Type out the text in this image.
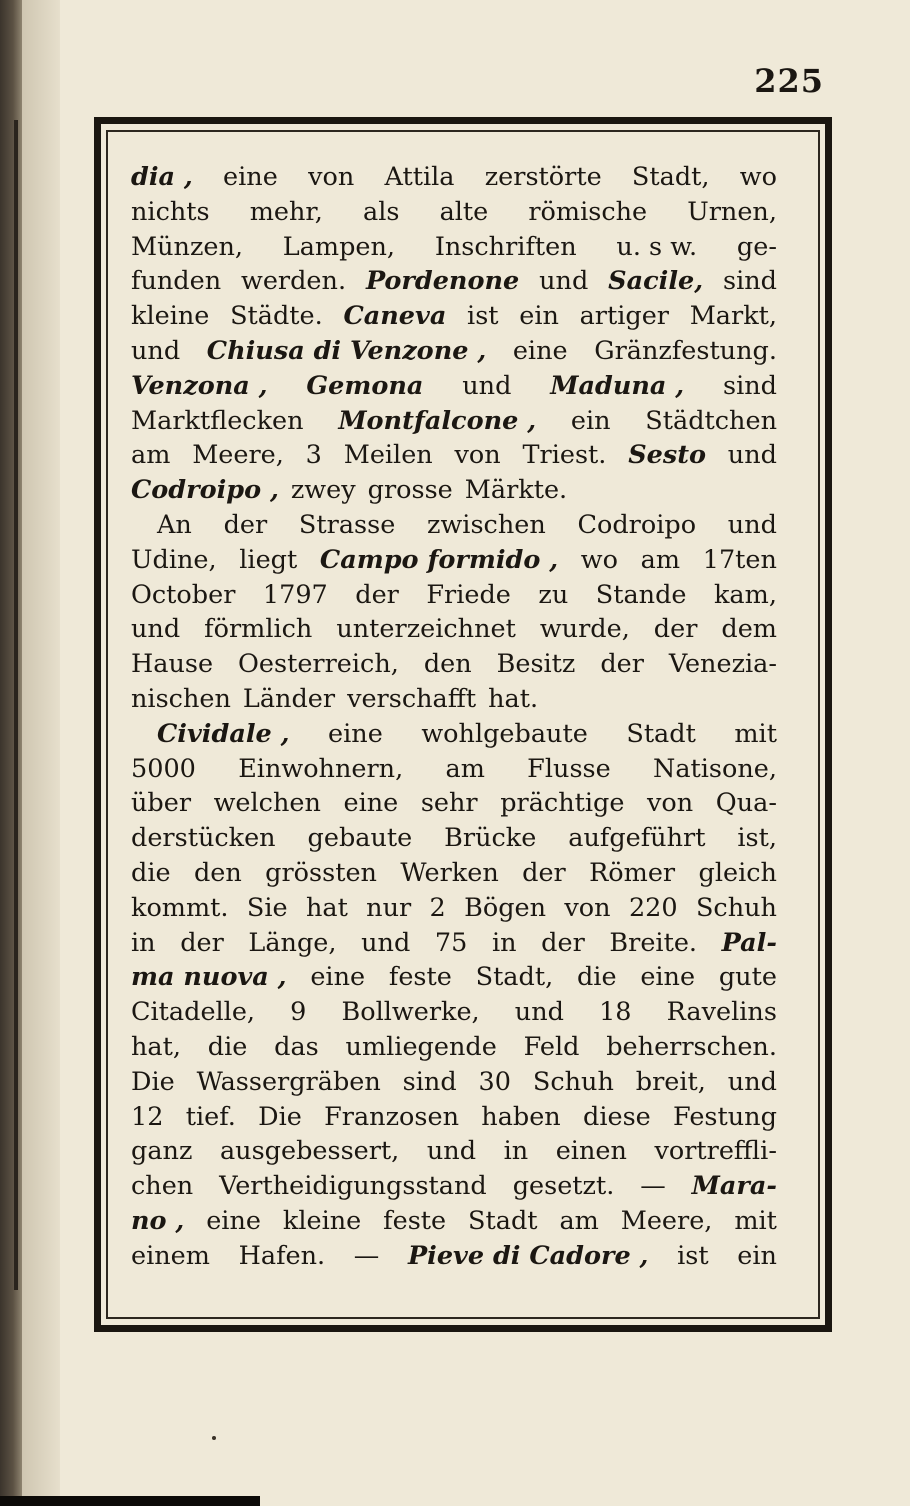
225
dia , eine von Attila zerstörte Stadt, wo
nichts mehr, als alte römische Urnen,
Münzen, Lampen, Inschriften u. s w. ge-
funden werden. Pordenone und Sacile, sind
kleine Städte. Caneva ist ein artiger Markt,
und Chiusa di Venzone , eine Gränzfestung.
Venzona , Gemona und Maduna , sind
Marktflecken Montfalcone , ein Städtchen
am Meere, 3 Meilen von Triest. Sesto und
Codroipo , zwey grosse Märkte.
An der Strasse zwischen Codroipo und
Udine, liegt Campo formido , wo am 17ten
October 1797 der Friede zu Stande kam,
und förmlich unterzeichnet wurde, der dem
Hause Oesterreich, den Besitz der Venezia-
nischen Länder verschafft hat.
Cividale , eine wohlgebaute Stadt mit
5000 Einwohnern, am Flusse Natisone,
über welchen eine sehr prächtige von Qua-
derstücken gebaute Brücke aufgeführt ist,
die den grössten Werken der Römer gleich
kommt. Sie hat nur 2 Bögen von 220 Schuh
in der Länge, und 75 in der Breite. Pal-
ma nuova , eine feste Stadt, die eine gute
Citadelle, 9 Bollwerke, und 18 Ravelins
hat, die das umliegende Feld beherrschen.
Die Wassergräben sind 30 Schuh breit, und
12 tief. Die Franzosen haben diese Festung
ganz ausgebessert, und in einen vortreffli-
chen Vertheidigungsstand gesetzt. — Mara-
no , eine kleine feste Stadt am Meere, mit
einem Hafen. — Pieve di Cadore , ist ein
